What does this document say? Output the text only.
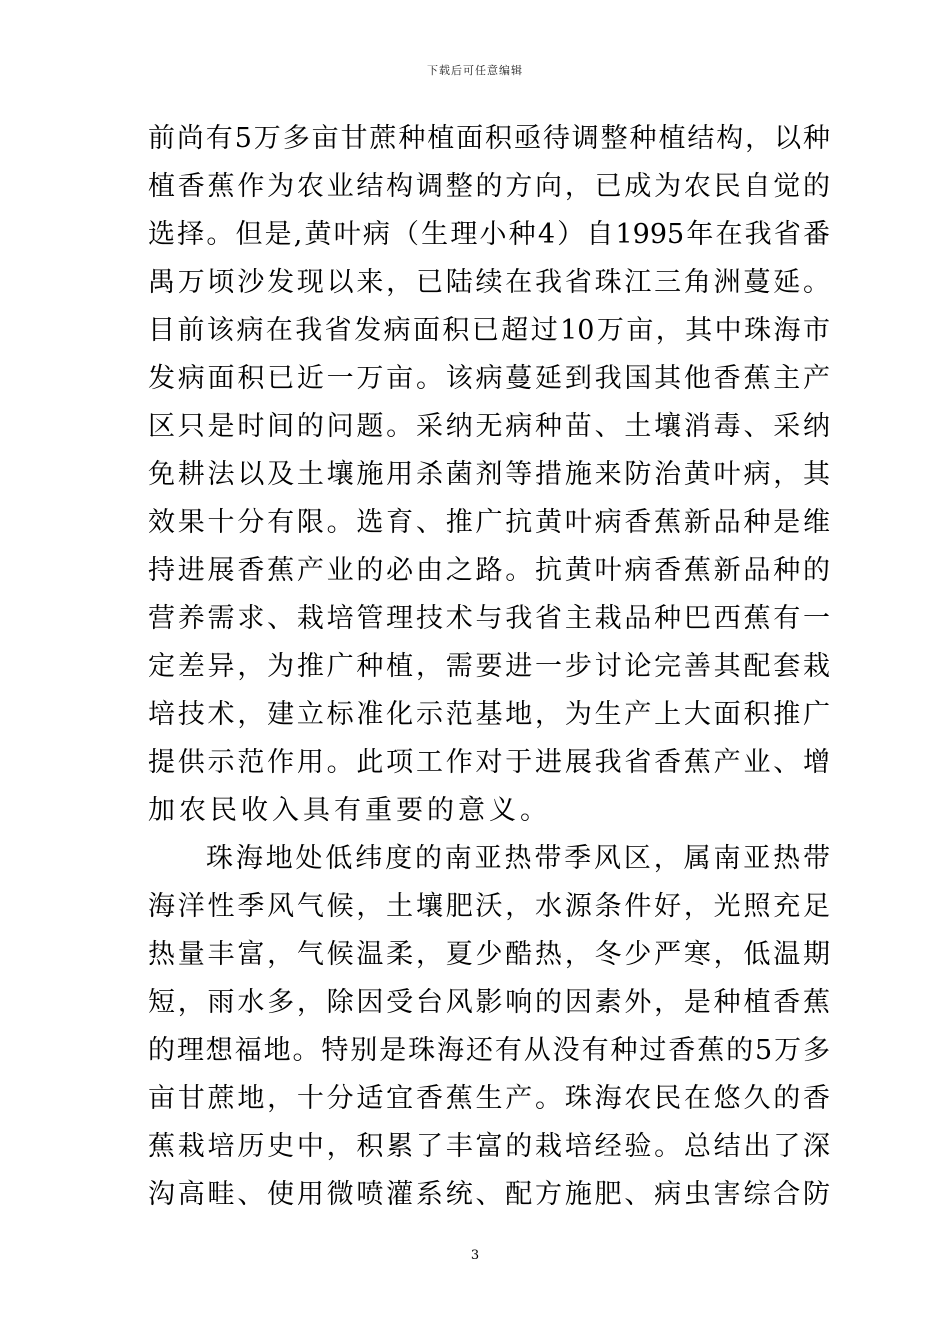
下载后可任意编辑
前尚有5万多亩甘蔗种植面积亟待调整种植结构，以种
植香蕉作为农业结构调整的方向，已成为农民自觉的
选择。但是,黄叶病（生理小种4）自1995年在我省番
禺万顷沙发现以来，已陆续在我省珠江三角洲蔓延。
目前该病在我省发病面积已超过10万亩，其中珠海市
发病面积已近一万亩。该病蔓延到我国其他香蕉主产
区只是时间的问题。采纳无病种苗、土壤消毒、采纳
免耕法以及土壤施用杀菌剂等措施来防治黄叶病，其
效果十分有限。选育、推广抗黄叶病香蕉新品种是维
持进展香蕉产业的必由之路。抗黄叶病香蕉新品种的
营养需求、栽培管理技术与我省主栽品种巴西蕉有一
定差异，为推广种植，需要进一步讨论完善其配套栽
培技术，建立标准化示范基地，为生产上大面积推广
提供示范作用。此项工作对于进展我省香蕉产业、增
加农民收入具有重要的意义。
珠海地处低纬度的南亚热带季风区，属南亚热带
海洋性季风气候，土壤肥沃，水源条件好，光照充足
热量丰富，气候温柔，夏少酷热，冬少严寒，低温期
短，雨水多，除因受台风影响的因素外，是种植香蕉
的理想福地。特别是珠海还有从没有种过香蕉的5万多
亩甘蔗地，十分适宜香蕉生产。珠海农民在悠久的香
蕉栽培历史中，积累了丰富的栽培经验。总结出了深
沟高畦、使用微喷灌系统、配方施肥、病虫害综合防
3
